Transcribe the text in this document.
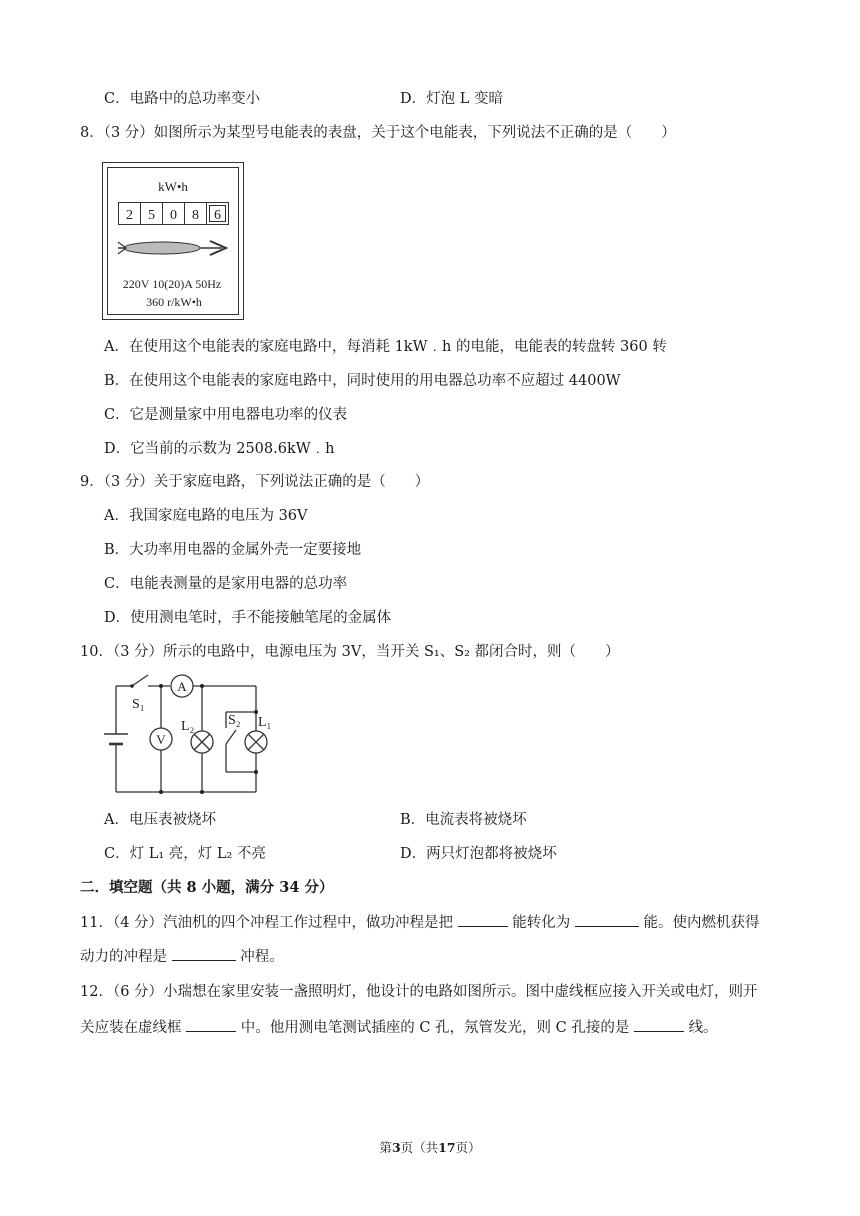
C．电路中的总功率变小	D．灯泡 L 变暗
8．（3 分）如图所示为某型号电能表的表盘，关于这个电能表，下列说法不正确的是（　　）
kW•h
2 5 0 8 6
220V 10(20)A 50Hz
360 r/kW•h
A．在使用这个电能表的家庭电路中，每消耗 1kW﹒h 的电能，电能表的转盘转 360 转
B．在使用这个电能表的家庭电路中，同时使用的用电器总功率不应超过 4400W
C．它是测量家中用电器电功率的仪表
D．它当前的示数为 2508.6kW﹒h
9．（3 分）关于家庭电路，下列说法正确的是（　　）
A．我国家庭电路的电压为 36V
B．大功率用电器的金属外壳一定要接地
C．电能表测量的是家用电器的总功率
D．使用测电笔时，手不能接触笔尾的金属体
10．（3 分）所示的电路中，电源电压为 3V，当开关 S₁、S₂ 都闭合时，则（　　）
S₁
A
V
L₂ S₂ L₁
A．电压表被烧坏	B．电流表将被烧坏
C．灯 L₁ 亮，灯 L₂ 不亮	D．两只灯泡都将被烧坏
二．填空题（共 8 小题，满分 34 分）
11．（4 分）汽油机的四个冲程工作过程中，做功冲程是把	能转化为	能。使内燃机获得
动力的冲程是	冲程。
12．（6 分）小瑞想在家里安装一盏照明灯，他设计的电路如图所示。图中虚线框应接入开关或电灯，则开
关应装在虚线框	中。他用测电笔测试插座的 C 孔，氖管发光，则 C 孔接的是	线。
第3页（共17页）
